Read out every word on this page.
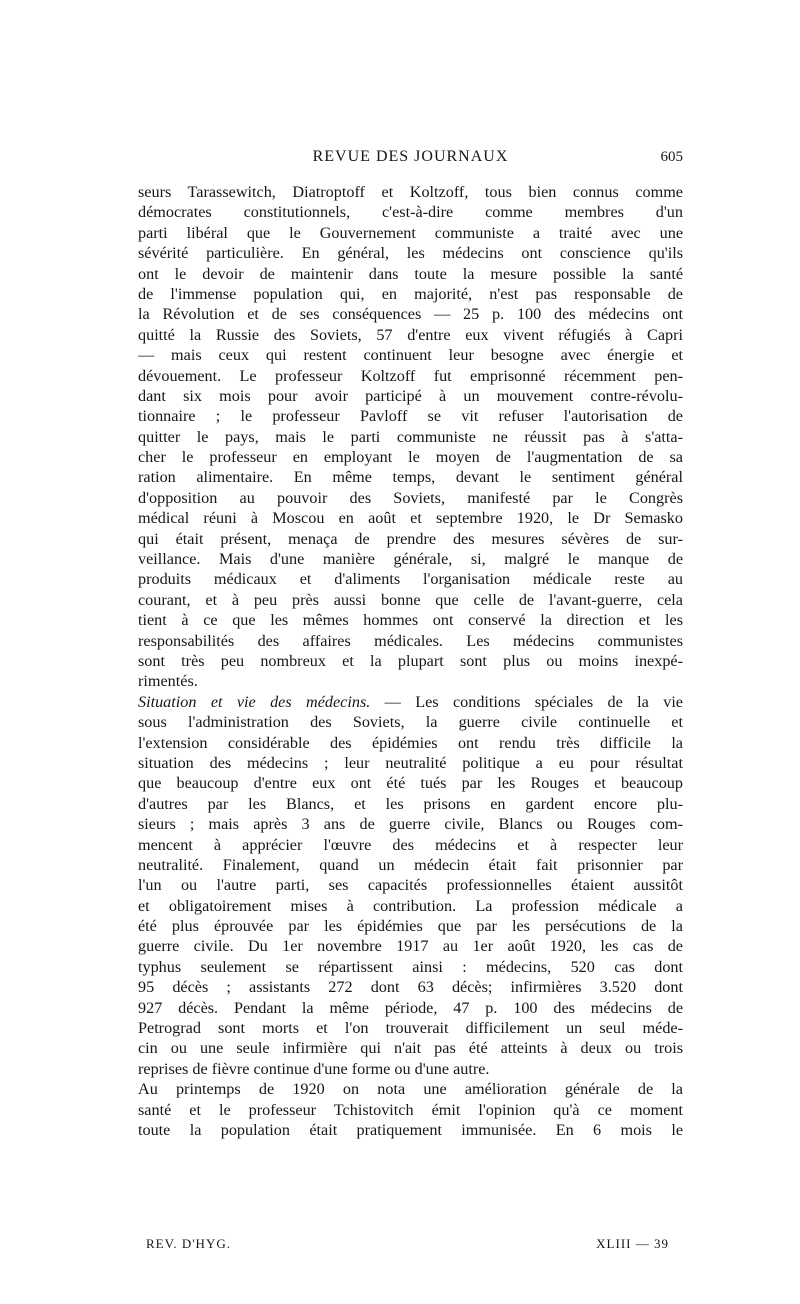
REVUE DES JOURNAUX	605
seurs Tarassewitch, Diatroptoff et Koltzoff, tous bien connus comme
démocrates constitutionnels, c'est-à-dire comme membres d'un
parti libéral que le Gouvernement communiste a traité avec une
sévérité particulière. En général, les médecins ont conscience qu'ils
ont le devoir de maintenir dans toute la mesure possible la santé
de l'immense population qui, en majorité, n'est pas responsable de
la Révolution et de ses conséquences — 25 p. 100 des médecins ont
quitté la Russie des Soviets, 57 d'entre eux vivent réfugiés à Capri
— mais ceux qui restent continuent leur besogne avec énergie et
dévouement. Le professeur Koltzoff fut emprisonné récemment pen-
dant six mois pour avoir participé à un mouvement contre-révolu-
tionnaire ; le professeur Pavloff se vit refuser l'autorisation de
quitter le pays, mais le parti communiste ne réussit pas à s'atta-
cher le professeur en employant le moyen de l'augmentation de sa
ration alimentaire. En même temps, devant le sentiment général
d'opposition au pouvoir des Soviets, manifesté par le Congrès
médical réuni à Moscou en août et septembre 1920, le Dr Semasko
qui était présent, menaça de prendre des mesures sévères de sur-
veillance. Mais d'une manière générale, si, malgré le manque de
produits médicaux et d'aliments l'organisation médicale reste au
courant, et à peu près aussi bonne que celle de l'avant-guerre, cela
tient à ce que les mêmes hommes ont conservé la direction et les
responsabilités des affaires médicales. Les médecins communistes
sont très peu nombreux et la plupart sont plus ou moins inexpé-
rimentés.
Situation et vie des médecins. — Les conditions spéciales de la vie
sous l'administration des Soviets, la guerre civile continuelle et
l'extension considérable des épidémies ont rendu très difficile la
situation des médecins ; leur neutralité politique a eu pour résultat
que beaucoup d'entre eux ont été tués par les Rouges et beaucoup
d'autres par les Blancs, et les prisons en gardent encore plu-
sieurs ; mais après 3 ans de guerre civile, Blancs ou Rouges com-
mencent à apprécier l'œuvre des médecins et à respecter leur
neutralité. Finalement, quand un médecin était fait prisonnier par
l'un ou l'autre parti, ses capacités professionnelles étaient aussitôt
et obligatoirement mises à contribution. La profession médicale a
été plus éprouvée par les épidémies que par les persécutions de la
guerre civile. Du 1er novembre 1917 au 1er août 1920, les cas de
typhus seulement se répartissent ainsi : médecins, 520 cas dont
95 décès ; assistants 272 dont 63 décès; infirmières 3.520 dont
927 décès. Pendant la même période, 47 p. 100 des médecins de
Petrograd sont morts et l'on trouverait difficilement un seul méde-
cin ou une seule infirmière qui n'ait pas été atteints à deux ou trois
reprises de fièvre continue d'une forme ou d'une autre.
Au printemps de 1920 on nota une amélioration générale de la
santé et le professeur Tchistovitch émit l'opinion qu'à ce moment
toute la population était pratiquement immunisée. En 6 mois le
REV. D'HYG.	XLIII — 39
